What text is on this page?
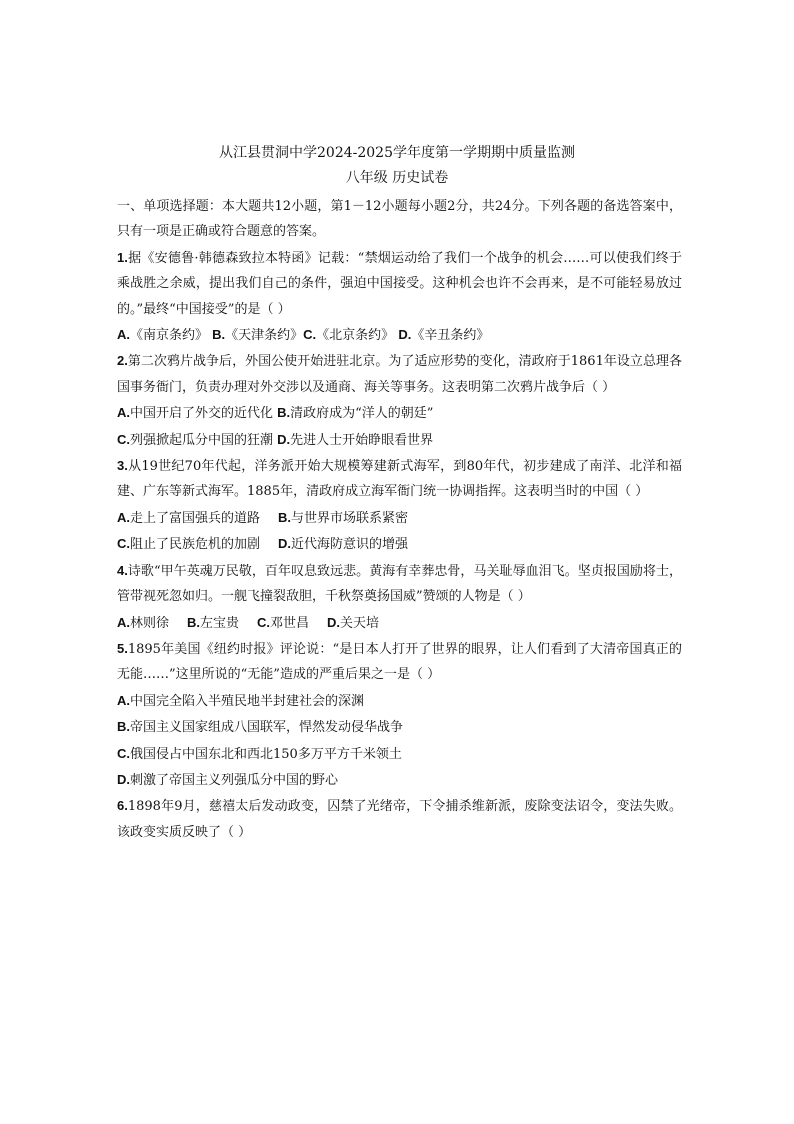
从江县贯洞中学2024-2025学年度第一学期期中质量监测
八年级 历史试卷

一、单项选择题：本大题共12小题，第1－12小题每小题2分，共24分。下列各题的备选答案中，只有一项是正确或符合题意的答案。

1.据《安德鲁·韩德森致拉本特函》记载：“禁烟运动给了我们一个战争的机会……可以使我们终于乘战胜之余威，提出我们自己的条件，强迫中国接受。这种机会也许不会再来，是不可能轻易放过的。”最终“中国接受”的是（ ）

A.《南京条约》 B.《天津条约》C.《北京条约》 D.《辛丑条约》

2.第二次鸦片战争后，外国公使开始进驻北京。为了适应形势的变化，清政府于1861年设立总理各国事务衙门，负责办理对外交涉以及通商、海关等事务。这表明第二次鸦片战争后（ ）

A.中国开启了外交的近代化 B.清政府成为“洋人的朝廷”

C.列强掀起瓜分中国的狂潮 D.先进人士开始睁眼看世界

3.从19世纪70年代起，洋务派开始大规模筹建新式海军，到80年代，初步建成了南洋、北洋和福建、广东等新式海军。1885年，清政府成立海军衙门统一协调指挥。这表明当时的中国（ ）

A.走上了富国强兵的道路 B.与世界市场联系紧密

C.阻止了民族危机的加剧 D.近代海防意识的增强

4.诗歌“甲午英魂万民敬，百年叹息致远悲。黄海有幸葬忠骨，马关耻辱血泪飞。坚贞报国励将士，管带视死忽如归。一舰飞撞裂敌胆，千秋祭奠扬国威”赞颂的人物是（ ）

A.林则徐 B.左宝贵 C.邓世昌 D.关天培

5.1895年美国《纽约时报》评论说：“是日本人打开了世界的眼界，让人们看到了大清帝国真正的无能……”这里所说的“无能”造成的严重后果之一是（ ）

A.中国完全陷入半殖民地半封建社会的深渊

B.帝国主义国家组成八国联军，悍然发动侵华战争

C.俄国侵占中国东北和西北150多万平方千米领土

D.刺激了帝国主义列强瓜分中国的野心

6.1898年9月，慈禧太后发动政变，囚禁了光绪帝，下令捕杀维新派，废除变法诏令，变法失败。该政变实质反映了（ ）
